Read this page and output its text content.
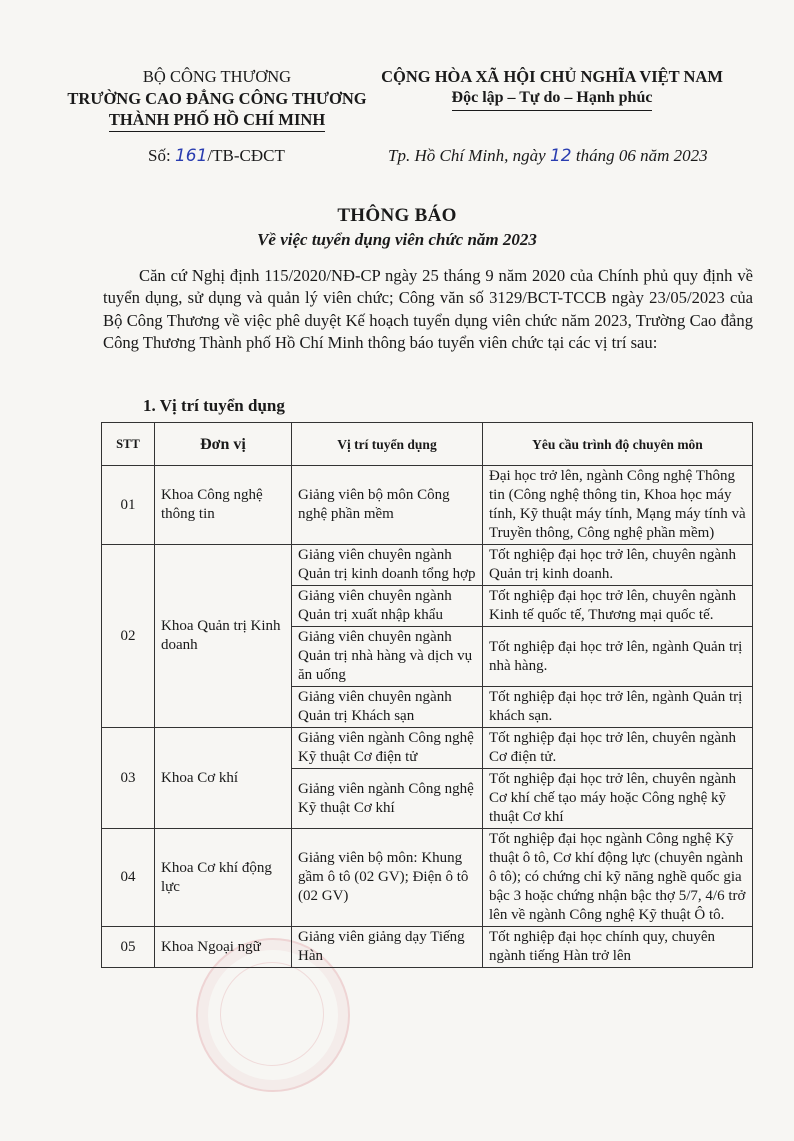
BỘ CÔNG THƯƠNG
TRƯỜNG CAO ĐẲNG CÔNG THƯƠNG
THÀNH PHỐ HỒ CHÍ MINH
CỘNG HÒA XÃ HỘI CHỦ NGHĨA VIỆT NAM
Độc lập – Tự do – Hạnh phúc
Số: 161/TB-CĐCT	Tp. Hồ Chí Minh, ngày 12 tháng 06 năm 2023
THÔNG BÁO
Về việc tuyển dụng viên chức năm 2023

Căn cứ Nghị định 115/2020/NĐ-CP ngày 25 tháng 9 năm 2020 của Chính phủ quy định về tuyển dụng, sử dụng và quản lý viên chức; Công văn số 3129/BCT-TCCB ngày 23/05/2023 của Bộ Công Thương về việc phê duyệt Kế hoạch tuyển dụng viên chức năm 2023, Trường Cao đẳng Công Thương Thành phố Hồ Chí Minh thông báo tuyển viên chức tại các vị trí sau:

1. Vị trí tuyển dụng
STT	Đơn vị	Vị trí tuyển dụng	Yêu cầu trình độ chuyên môn
01	Khoa Công nghệ thông tin	Giảng viên bộ môn Công nghệ phần mềm	Đại học trở lên, ngành Công nghệ Thông tin (Công nghệ thông tin, Khoa học máy tính, Kỹ thuật máy tính, Mạng máy tính và Truyền thông, Công nghệ phần mềm)
02	Khoa Quản trị Kinh doanh	Giảng viên chuyên ngành Quản trị kinh doanh tổng hợp	Tốt nghiệp đại học trở lên, chuyên ngành Quản trị kinh doanh.
		Giảng viên chuyên ngành Quản trị xuất nhập khẩu	Tốt nghiệp đại học trở lên, chuyên ngành Kinh tế quốc tế, Thương mại quốc tế.
		Giảng viên chuyên ngành Quản trị nhà hàng và dịch vụ ăn uống	Tốt nghiệp đại học trở lên, ngành Quản trị nhà hàng.
		Giảng viên chuyên ngành Quản trị Khách sạn	Tốt nghiệp đại học trở lên, ngành Quản trị khách sạn.
03	Khoa Cơ khí	Giảng viên ngành Công nghệ Kỹ thuật Cơ điện tử	Tốt nghiệp đại học trở lên, chuyên ngành Cơ điện tử.
		Giảng viên ngành Công nghệ Kỹ thuật Cơ khí	Tốt nghiệp đại học trở lên, chuyên ngành Cơ khí chế tạo máy hoặc Công nghệ kỹ thuật Cơ khí
04	Khoa Cơ khí động lực	Giảng viên bộ môn: Khung gầm ô tô (02 GV); Điện ô tô (02 GV)	Tốt nghiệp đại học ngành Công nghệ Kỹ thuật ô tô, Cơ khí động lực (chuyên ngành ô tô); có chứng chỉ kỹ năng nghề quốc gia bậc 3 hoặc chứng nhận bậc thợ 5/7, 4/6 trở lên về ngành Công nghệ Kỹ thuật Ô tô.
05	Khoa Ngoại ngữ	Giảng viên giảng dạy Tiếng Hàn	Tốt nghiệp đại học chính quy, chuyên ngành tiếng Hàn trở lên
